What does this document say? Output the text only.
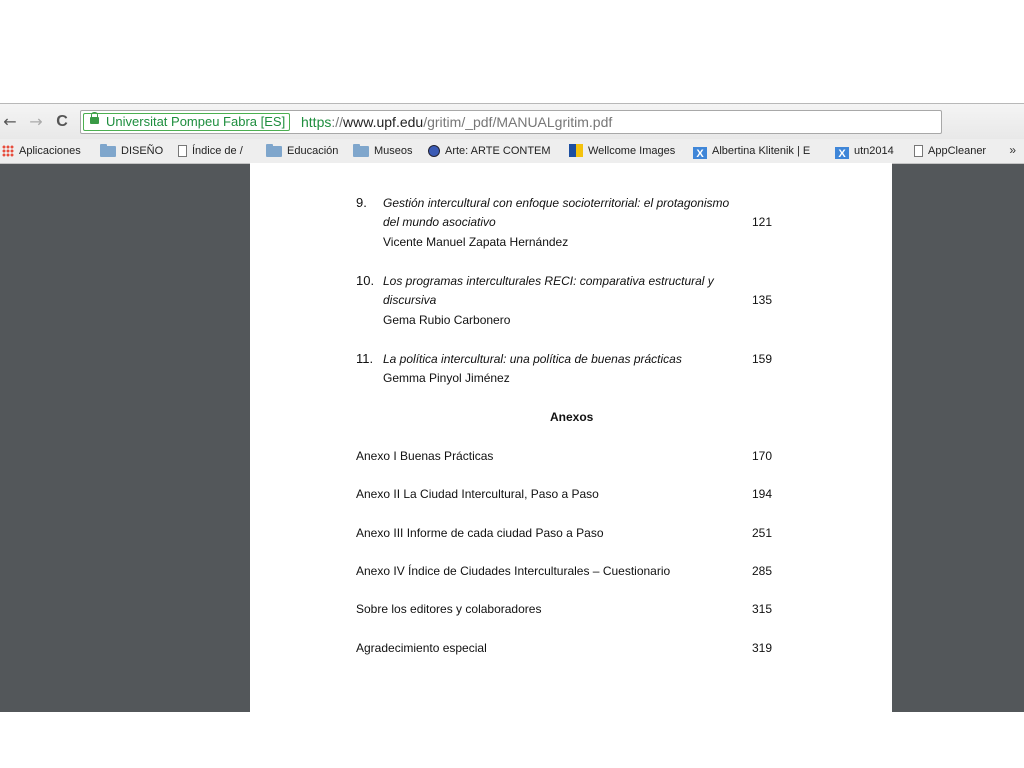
← → C	Universitat Pompeu Fabra [ES]	https://www.upf.edu/gritim/_pdf/MANUALgritim.pdf
Aplicaciones	DISEÑO	Índice de /	Educación	Museos	Arte: ARTE CONTEM	Wellcome Images	X Albertina Klitenik | E	X utn2014	AppCleaner »
9. Gestión intercultural con enfoque socioterritorial: el protagonismo
del mundo asociativo	121
Vicente Manuel Zapata Hernández
10. Los programas interculturales RECI: comparativa estructural y
discursiva	135
Gema Rubio Carbonero
11. La política intercultural: una política de buenas prácticas	159
Gemma Pinyol Jiménez
Anexos
Anexo I Buenas Prácticas	170
Anexo II La Ciudad Intercultural, Paso a Paso	194
Anexo III Informe de cada ciudad Paso a Paso	251
Anexo IV Índice de Ciudades Interculturales – Cuestionario	285
Sobre los editores y colaboradores	315
Agradecimiento especial	319
